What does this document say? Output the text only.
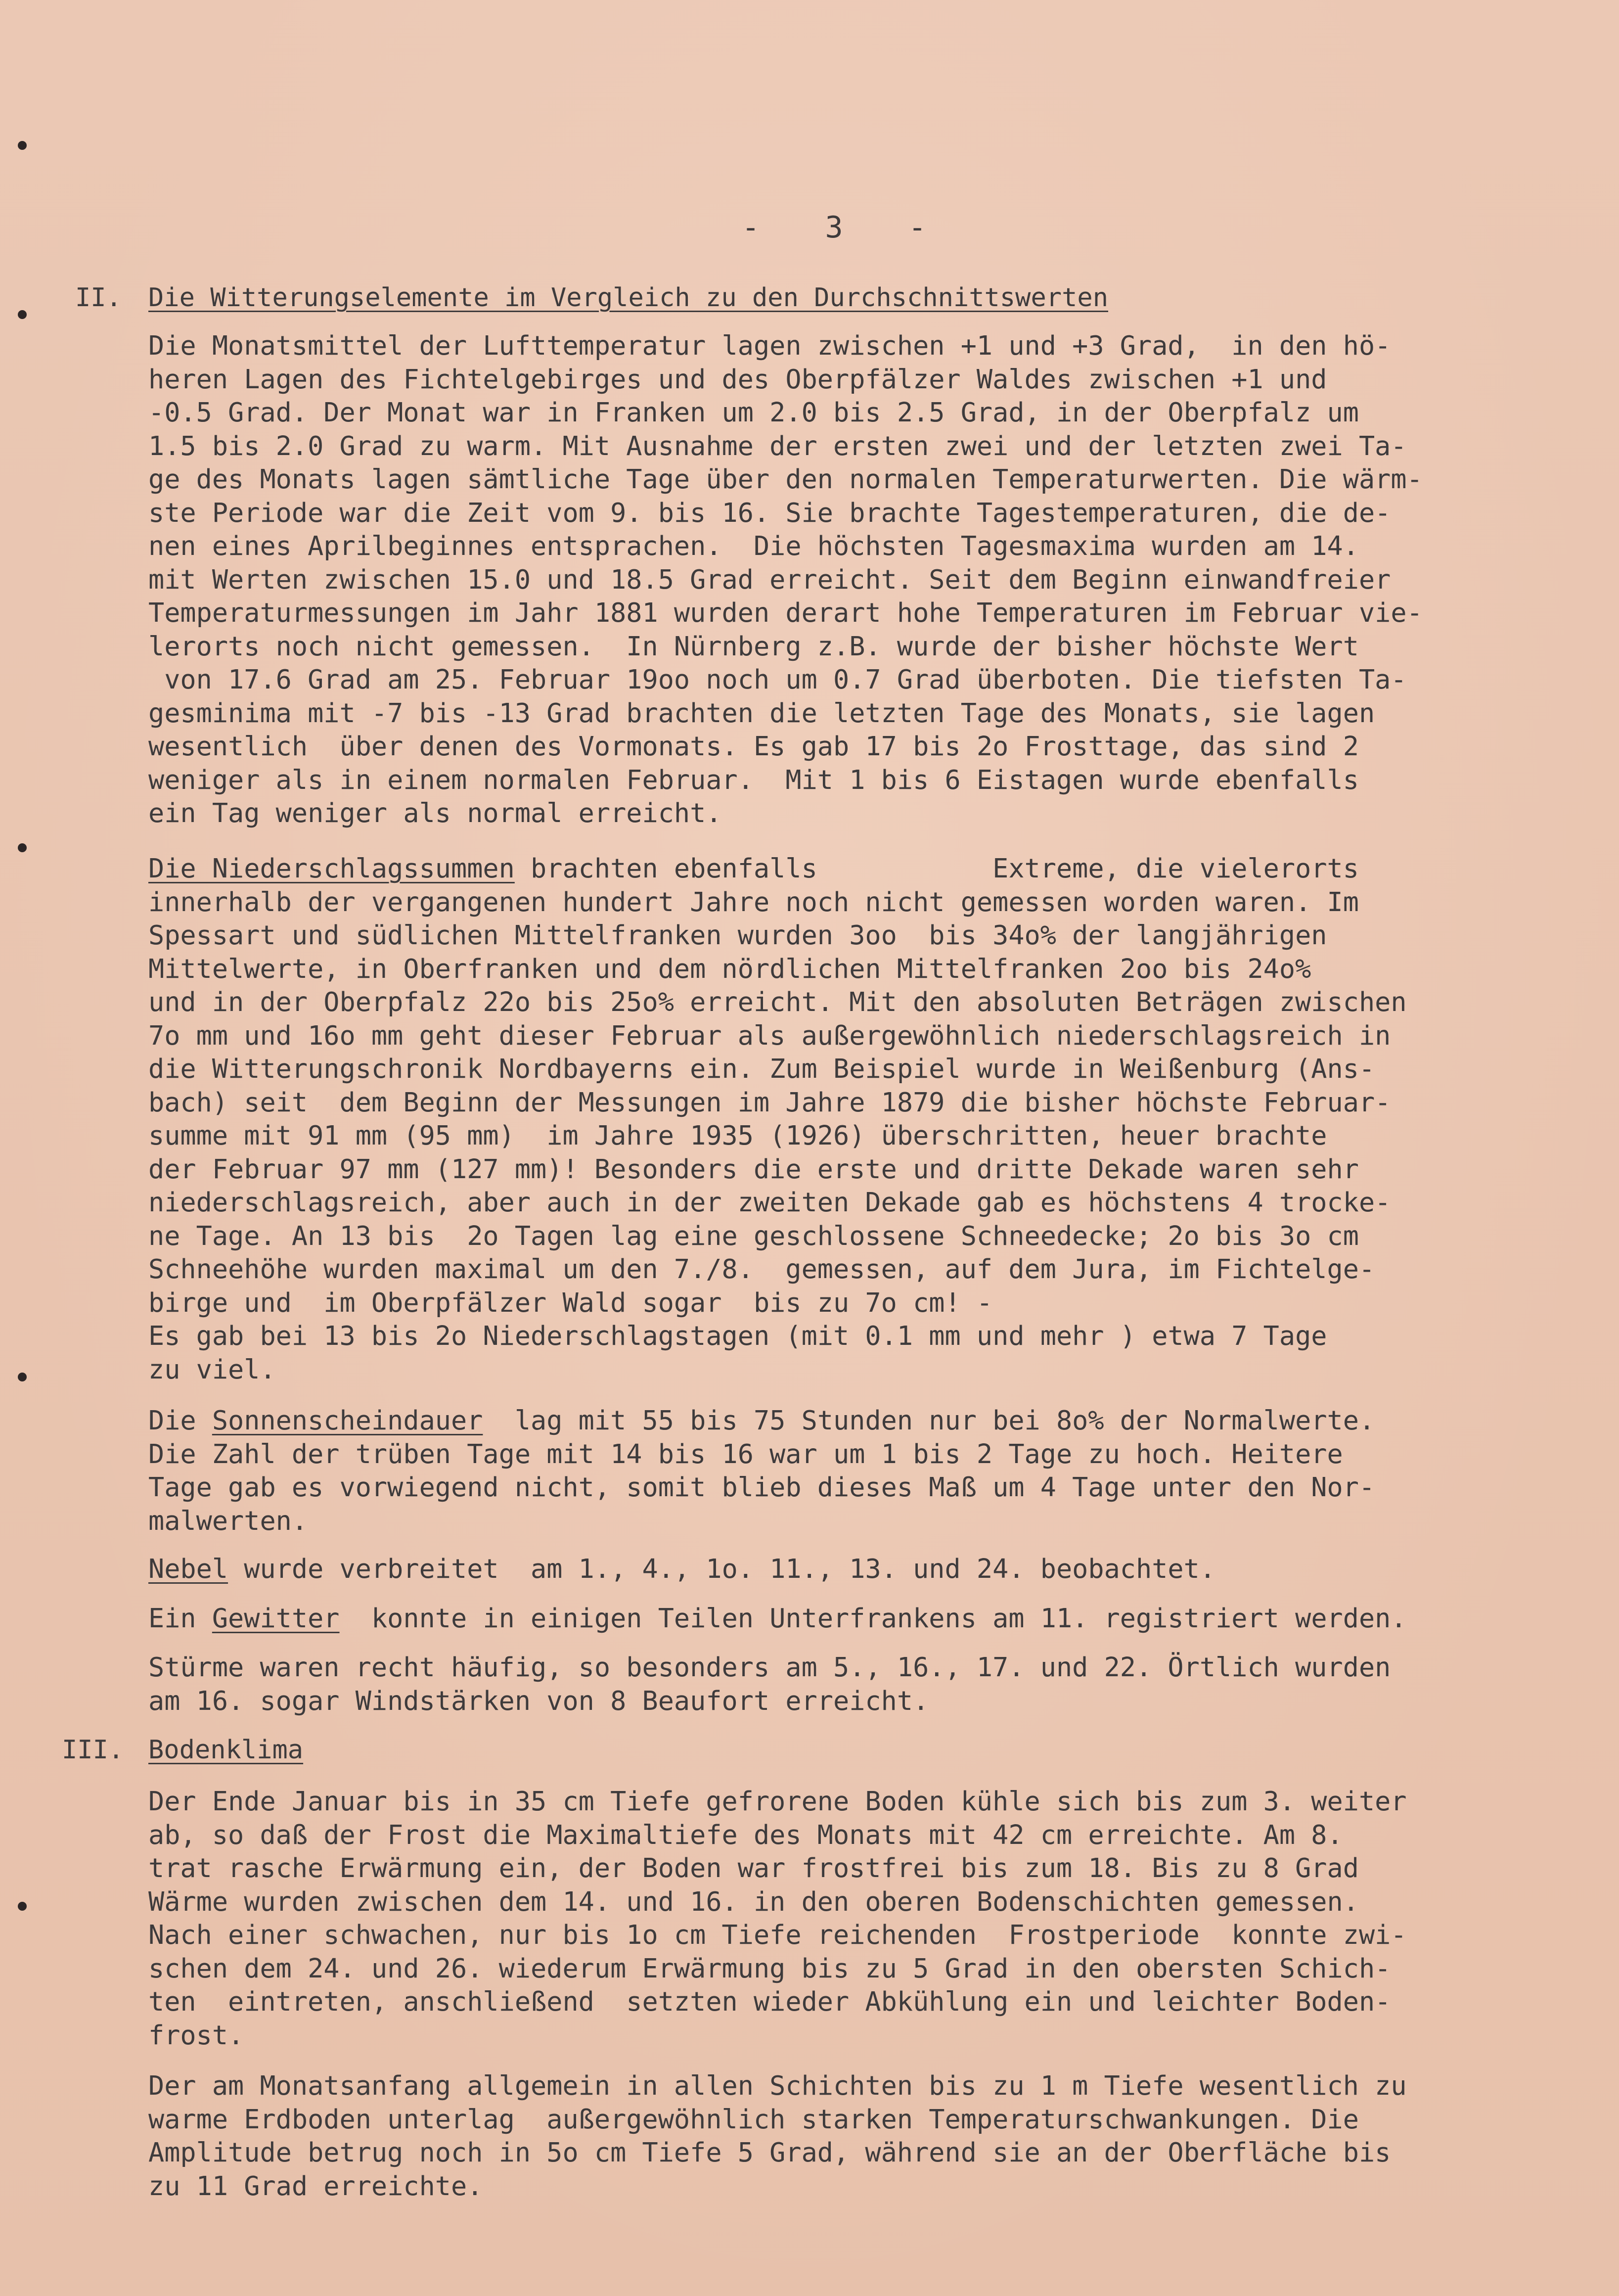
-   3   -
II. Die Witterungselemente im Vergleich zu den Durchschnittswerten
Die Monatsmittel der Lufttemperatur lagen zwischen +1 und +3 Grad,  in den hö-
heren Lagen des Fichtelgebirges und des Oberpfälzer Waldes zwischen +1 und
-0.5 Grad. Der Monat war in Franken um 2.0 bis 2.5 Grad, in der Oberpfalz um
1.5 bis 2.0 Grad zu warm. Mit Ausnahme der ersten zwei und der letzten zwei Ta-
ge des Monats lagen sämtliche Tage über den normalen Temperaturwerten. Die wärm-
ste Periode war die Zeit vom 9. bis 16. Sie brachte Tagestemperaturen, die de-
nen eines Aprilbeginnes entsprachen.  Die höchsten Tagesmaxima wurden am 14.
mit Werten zwischen 15.0 und 18.5 Grad erreicht. Seit dem Beginn einwandfreier
Temperaturmessungen im Jahr 1881 wurden derart hohe Temperaturen im Februar vie-
lerorts noch nicht gemessen.  In Nürnberg z.B. wurde der bisher höchste Wert
von 17.6 Grad am 25. Februar 19oo noch um 0.7 Grad überboten. Die tiefsten Ta-
gesminima mit -7 bis -13 Grad brachten die letzten Tage des Monats, sie lagen
wesentlich  über denen des Vormonats. Es gab 17 bis 2o Frosttage, das sind 2
weniger als in einem normalen Februar.  Mit 1 bis 6 Eistagen wurde ebenfalls
ein Tag weniger als normal erreicht.
Die Niederschlagssummen brachten ebenfalls           Extreme, die vielerorts
innerhalb der vergangenen hundert Jahre noch nicht gemessen worden waren. Im
Spessart und südlichen Mittelfranken wurden 3oo  bis 34o% der langjährigen
Mittelwerte, in Oberfranken und dem nördlichen Mittelfranken 2oo bis 24o%
und in der Oberpfalz 22o bis 25o% erreicht. Mit den absoluten Beträgen zwischen
7o mm und 16o mm geht dieser Februar als außergewöhnlich niederschlagsreich in
die Witterungschronik Nordbayerns ein. Zum Beispiel wurde in Weißenburg (Ans-
bach) seit  dem Beginn der Messungen im Jahre 1879 die bisher höchste Februar-
summe mit 91 mm (95 mm)  im Jahre 1935 (1926) überschritten, heuer brachte
der Februar 97 mm (127 mm)! Besonders die erste und dritte Dekade waren sehr
niederschlagsreich, aber auch in der zweiten Dekade gab es höchstens 4 trocke-
ne Tage. An 13 bis  2o Tagen lag eine geschlossene Schneedecke; 2o bis 3o cm
Schneehöhe wurden maximal um den 7./8.  gemessen, auf dem Jura, im Fichtelge-
birge und  im Oberpfälzer Wald sogar  bis zu 7o cm! -
Es gab bei 13 bis 2o Niederschlagstagen (mit 0.1 mm und mehr ) etwa 7 Tage
zu viel.
Die Sonnenscheindauer  lag mit 55 bis 75 Stunden nur bei 8o% der Normalwerte.
Die Zahl der trüben Tage mit 14 bis 16 war um 1 bis 2 Tage zu hoch. Heitere
Tage gab es vorwiegend nicht, somit blieb dieses Maß um 4 Tage unter den Nor-
malwerten.
Nebel wurde verbreitet  am 1., 4., 1o. 11., 13. und 24. beobachtet.
Ein Gewitter  konnte in einigen Teilen Unterfrankens am 11. registriert werden.
Stürme waren recht häufig, so besonders am 5., 16., 17. und 22. Örtlich wurden
am 16. sogar Windstärken von 8 Beaufort erreicht.
III. Bodenklima
Der Ende Januar bis in 35 cm Tiefe gefrorene Boden kühle sich bis zum 3. weiter
ab, so daß der Frost die Maximaltiefe des Monats mit 42 cm erreichte. Am 8.
trat rasche Erwärmung ein, der Boden war frostfrei bis zum 18. Bis zu 8 Grad
Wärme wurden zwischen dem 14. und 16. in den oberen Bodenschichten gemessen.
Nach einer schwachen, nur bis 1o cm Tiefe reichenden  Frostperiode  konnte zwi-
schen dem 24. und 26. wiederum Erwärmung bis zu 5 Grad in den obersten Schich-
ten  eintreten, anschließend  setzten wieder Abkühlung ein und leichter Boden-
frost.
Der am Monatsanfang allgemein in allen Schichten bis zu 1 m Tiefe wesentlich zu
warme Erdboden unterlag  außergewöhnlich starken Temperaturschwankungen. Die
Amplitude betrug noch in 5o cm Tiefe 5 Grad, während sie an der Oberfläche bis
zu 11 Grad erreichte.
